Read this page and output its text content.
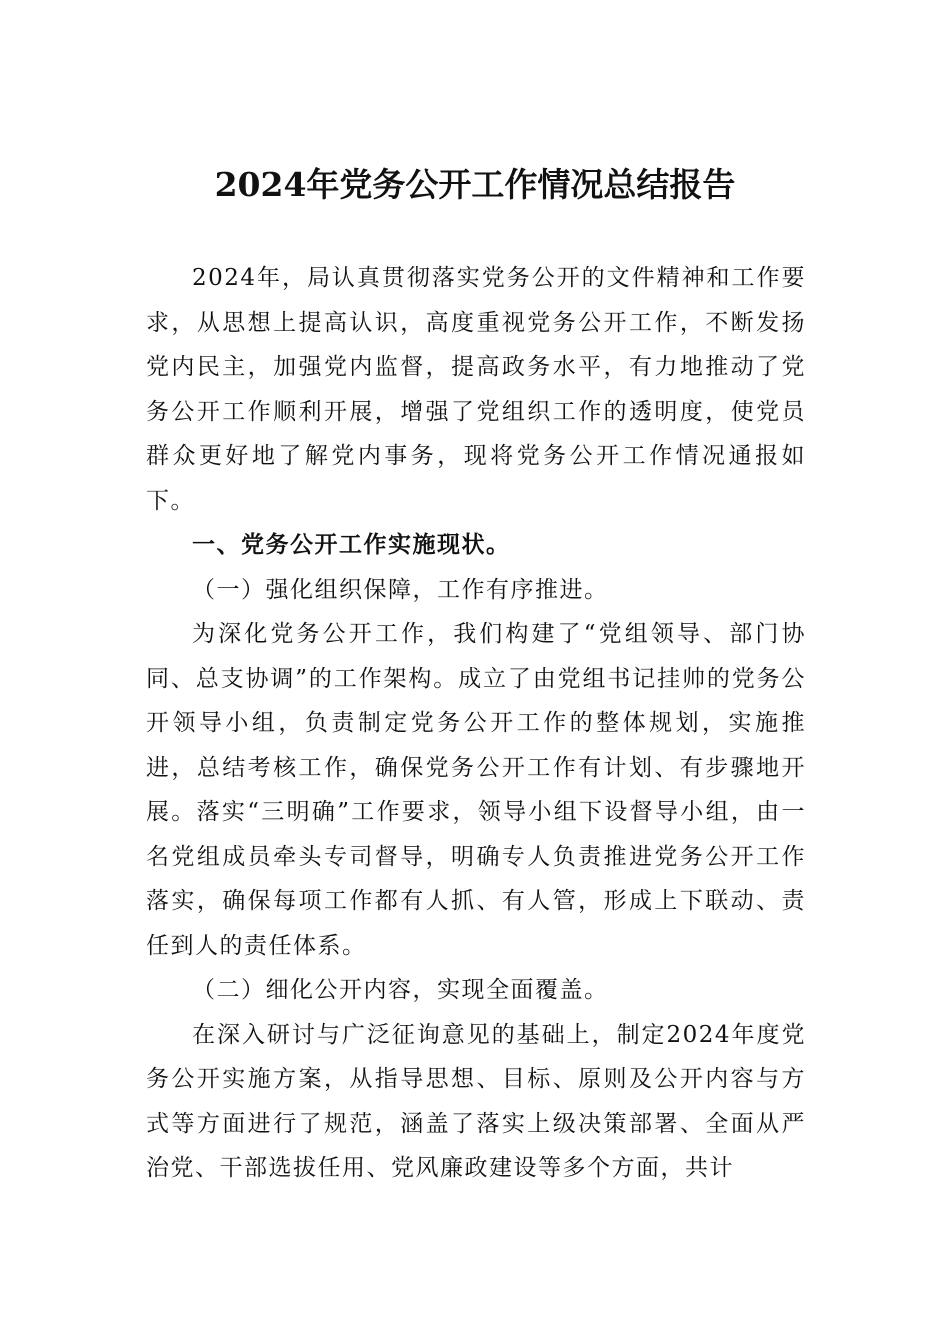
2024年党务公开工作情况总结报告

2024年，局认真贯彻落实党务公开的文件精神和工作要求，从思想上提高认识，高度重视党务公开工作，不断发扬党内民主，加强党内监督，提高政务水平，有力地推动了党务公开工作顺利开展，增强了党组织工作的透明度，使党员群众更好地了解党内事务，现将党务公开工作情况通报如下。

一、党务公开工作实施现状。

（一）强化组织保障，工作有序推进。

为深化党务公开工作，我们构建了“党组领导、部门协同、总支协调”的工作架构。成立了由党组书记挂帅的党务公开领导小组，负责制定党务公开工作的整体规划，实施推进，总结考核工作，确保党务公开工作有计划、有步骤地开展。落实“三明确”工作要求，领导小组下设督导小组，由一名党组成员牵头专司督导，明确专人负责推进党务公开工作落实，确保每项工作都有人抓、有人管，形成上下联动、责任到人的责任体系。

（二）细化公开内容，实现全面覆盖。

在深入研讨与广泛征询意见的基础上，制定2024年度党务公开实施方案，从指导思想、目标、原则及公开内容与方式等方面进行了规范，涵盖了落实上级决策部署、全面从严治党、干部选拔任用、党风廉政建设等多个方面，共计
